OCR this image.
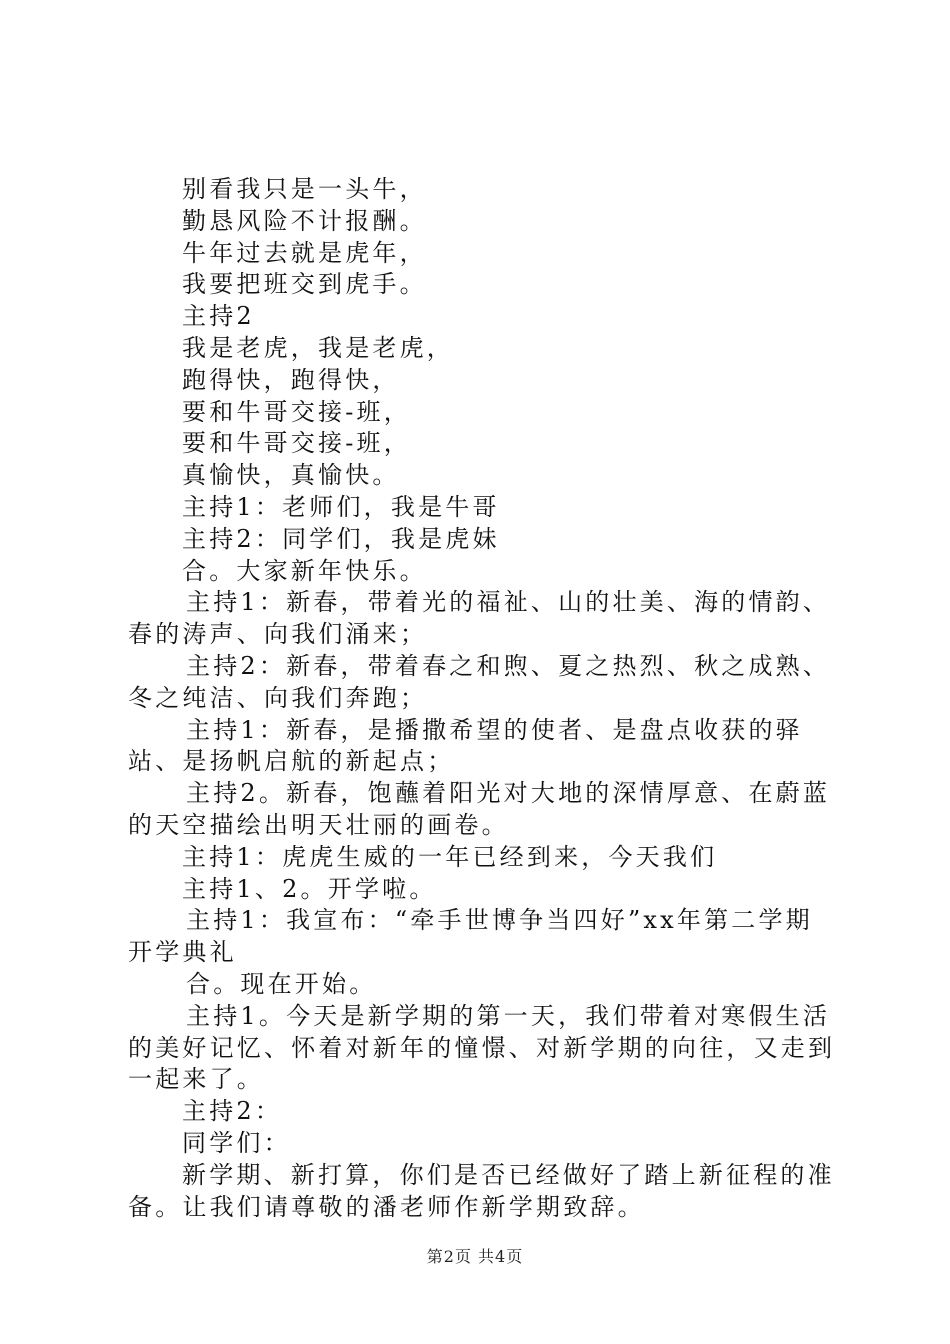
别看我只是一头牛，

勤恳风险不计报酬。

牛年过去就是虎年，

我要把班交到虎手。

主持2

我是老虎，我是老虎，

跑得快，跑得快，

要和牛哥交接-班，

要和牛哥交接-班，

真愉快，真愉快。

主持1：老师们，我是牛哥

主持2：同学们，我是虎妹

合。大家新年快乐。

主持1：新春，带着光的福祉、山的壮美、海的情韵、春的涛声、向我们涌来；

主持2：新春，带着春之和煦、夏之热烈、秋之成熟、冬之纯洁、向我们奔跑；

主持1：新春，是播撒希望的使者、是盘点收获的驿站、是扬帆启航的新起点；

主持2。新春，饱蘸着阳光对大地的深情厚意、在蔚蓝的天空描绘出明天壮丽的画卷。

主持1：虎虎生威的一年已经到来，今天我们

主持1、2。开学啦。

主持1：我宣布：“牵手世博争当四好”xx年第二学期开学典礼

合。现在开始。

主持1。今天是新学期的第一天，我们带着对寒假生活的美好记忆、怀着对新年的憧憬、对新学期的向往，又走到一起来了。

主持2：

同学们：

新学期、新打算，你们是否已经做好了踏上新征程的准备。让我们请尊敬的潘老师作新学期致辞。

第2页 共4页
